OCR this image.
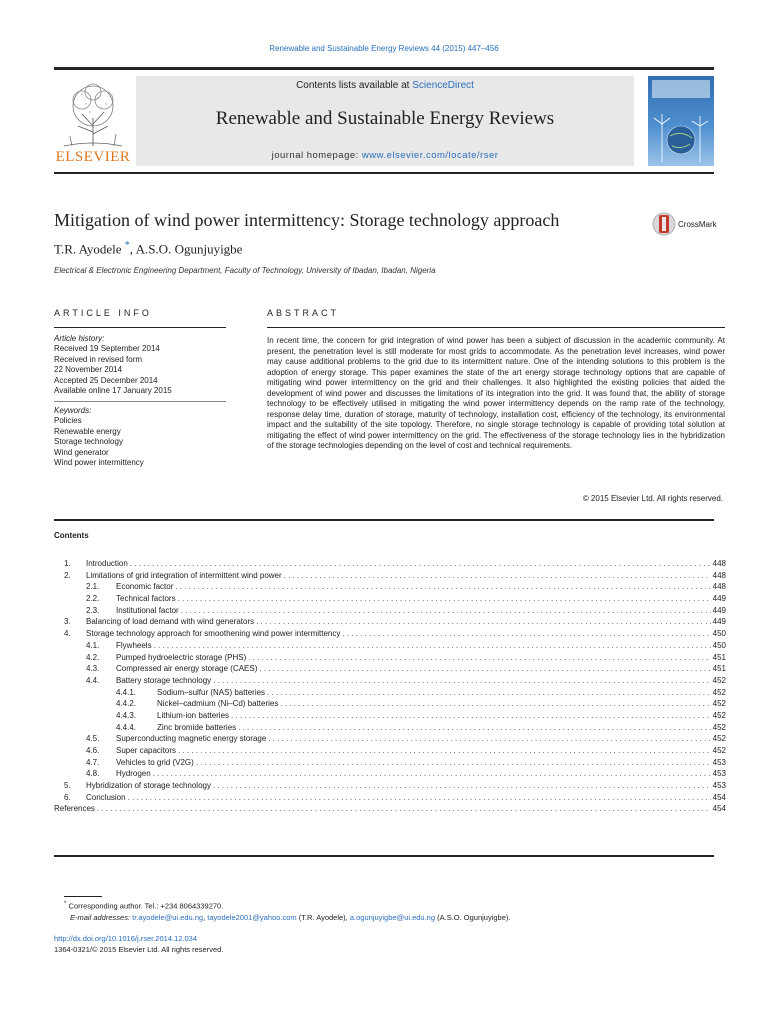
Renewable and Sustainable Energy Reviews 44 (2015) 447–456
ELSEVIER
Contents lists available at ScienceDirect
Renewable and Sustainable Energy Reviews
journal homepage: www.elsevier.com/locate/rser
Mitigation of wind power intermittency: Storage technology approach	CrossMark
T.R. Ayodele *, A.S.O. Ogunjuyigbe
Electrical & Electronic Engineering Department, Faculty of Technology, University of Ibadan, Ibadan, Nigeria
ARTICLE INFO
Article history:
Received 19 September 2014
Received in revised form
22 November 2014
Accepted 25 December 2014
Available online 17 January 2015
Keywords:
Policies
Renewable energy
Storage technology
Wind generator
Wind power intermittency
ABSTRACT
In recent time, the concern for grid integration of wind power has been a subject of discussion in the academic community. At present, the penetration level is still moderate for most grids to accommodate. As the penetration level increases, wind power may cause additional problems to the grid due to its intermittent nature. One of the intending solutions to this problem is the adoption of energy storage. This paper examines the state of the art energy storage technology options that are capable of mitigating wind power intermittency on the grid and their challenges. It also highlighted the existing policies that aided the development of wind power and discusses the limitations of its integration into the grid. It was found that, the ability of storage technology to be effectively utilised in mitigating the wind power intermittency depends on the ramp rate of the technology, response delay time, duration of storage, maturity of technology, installation cost, efficiency of the technology, its environmental impact and the suitability of the site topology. Therefore, no single storage technology is capable of providing total solution at mitigating the effect of wind power intermittency on the grid. The effectiveness of the storage technology lies in the hybridization of the storage technologies depending on the level of cost and technical requirements.
© 2015 Elsevier Ltd. All rights reserved.
Contents
1.	Introduction . . .	448
2.	Limitations of grid integration of intermittent wind power . . .	448
2.1.	Economic factor . . .	448
2.2.	Technical factors . . .	449
2.3.	Institutional factor . . .	449
3.	Balancing of load demand with wind generators . . .	449
4.	Storage technology approach for smoothening wind power intermittency . . .	450
4.1.	Flywheels . . .	450
4.2.	Pumped hydroelectric storage (PHS) . . .	451
4.3.	Compressed air energy storage (CAES) . . .	451
4.4.	Battery storage technology . . .	452
4.4.1.	Sodium–sulfur (NAS) batteries . . .	452
4.4.2.	Nickel–cadmium (Ni–Cd) batteries . . .	452
4.4.3.	Lithium-ion batteries . . .	452
4.4.4.	Zinc bromide batteries . . .	452
4.5.	Superconducting magnetic energy storage . . .	452
4.6.	Super capacitors . . .	452
4.7.	Vehicles to grid (V2G) . . .	453
4.8.	Hydrogen . . .	453
5.	Hybridization of storage technology . . .	453
6.	Conclusion . . .	454
References . . .	454
* Corresponding author. Tel.: +234 8064339270.
E-mail addresses: tr.ayodele@ui.edu.ng, tayodele2001@yahoo.com (T.R. Ayodele), a.ogunjuyigbe@ui.edu.ng (A.S.O. Ogunjuyigbe).
http://dx.doi.org/10.1016/j.rser.2014.12.034
1364-0321/© 2015 Elsevier Ltd. All rights reserved.
